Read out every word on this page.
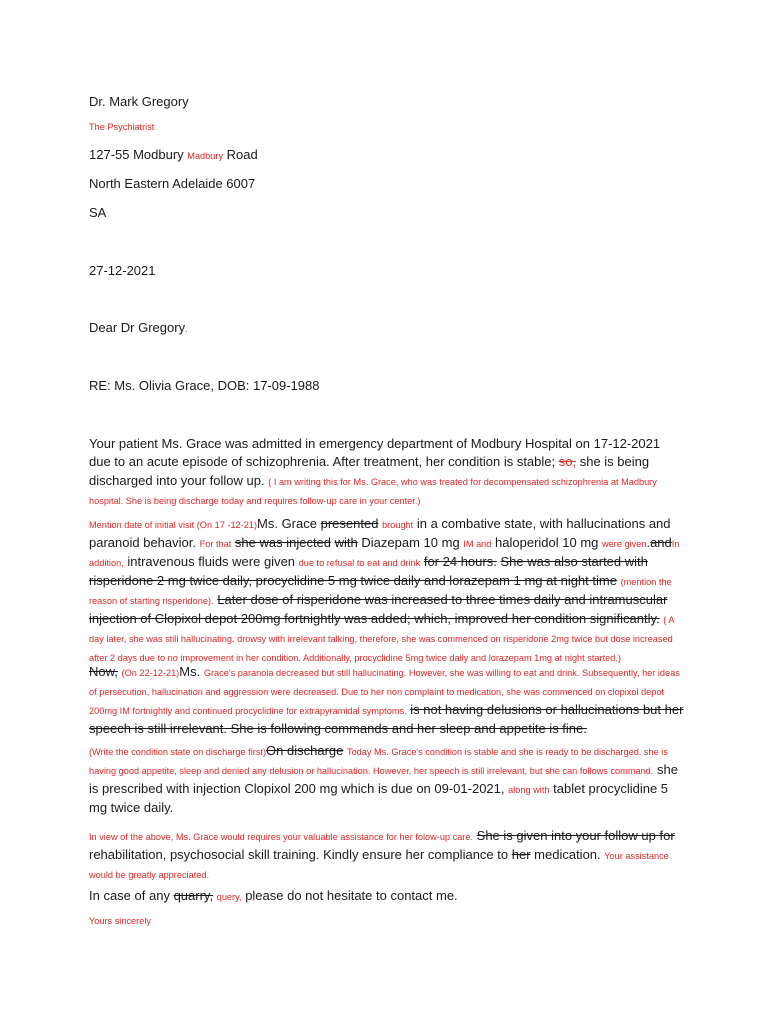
Dr. Mark Gregory
The Psychiatrist
127-55 Modbury Madbury Road
North Eastern Adelaide 6007
SA
27-12-2021
Dear Dr Gregory.
RE: Ms. Olivia Grace, DOB: 17-09-1988
Your patient Ms. Grace was admitted in emergency department of Modbury Hospital on 17-12-2021 due to an acute episode of schizophrenia. After treatment, her condition is stable; so, she is being discharged into your follow up. ( I am writing this for Ms. Grace, who was treated for decompensated schizophrenia at Madbury hospital. She is being discharge today and requires follow-up care in your center.)
Mention date of initial visit (On 17 -12-21)Ms. Grace presented brought in a combative state, with hallucinations and paranoid behavior. For that she was injected with Diazepam 10 mg IM and haloperidol 10 mg were given.andIn addition, intravenous fluids were given due to refusal to eat and drink for 24 hours. She was also started with risperidone 2 mg twice daily, procyclidine 5 mg twice daily and lorazepam 1 mg at night time (mention the reason of starting risperidone). Later dose of risperidone was increased to three times daily and intramuscular injection of Clopixol depot 200mg fortnightly was added; which, improved her condition significantly. ( A day later, she was still hallucinating, drowsy with irrelevant talking, therefore, she was commenced on risperidone 2mg twice but dose increased after 2 days due to no improvement in her condition. Additionally, procyclidine 5mg twice daily and lorazepam 1mg at night started.)
Now, (On 22-12-21)Ms. Grace's paranoia decreased but still hallucinating. However, she was willing to eat and drink. Subsequently, her ideas of persecution, hallucination and aggression were decreased. Due to her non complaint to medication, she was commenced on clopixol depot 200mg IM fortnightly and continued procyclidine for extrapyramidal symptoms. is not having delusions or hallucinations but her speech is still irrelevant. She is following commands and her sleep and appetite is fine.
(Write the condition state on discharge first)On discharge Today Ms. Grace's condition is stable and she is ready to be discharged. she is having good appetite, sleep and denied any delusion or hallucination. However, her speech is still irrelevant, but she can follows command. she is prescribed with injection Clopixol 200 mg which is due on 09-01-2021, along with tablet procyclidine 5 mg twice daily.
In view of the above, Ms. Grace would requires your valuable assistance for her folow-up care. She is given into your follow up for rehabilitation, psychosocial skill training. Kindly ensure her compliance to her medication. Your assistance would be greatly appreciated.
In case of any quarry, query, please do not hesitate to contact me.
Yours sincerely
